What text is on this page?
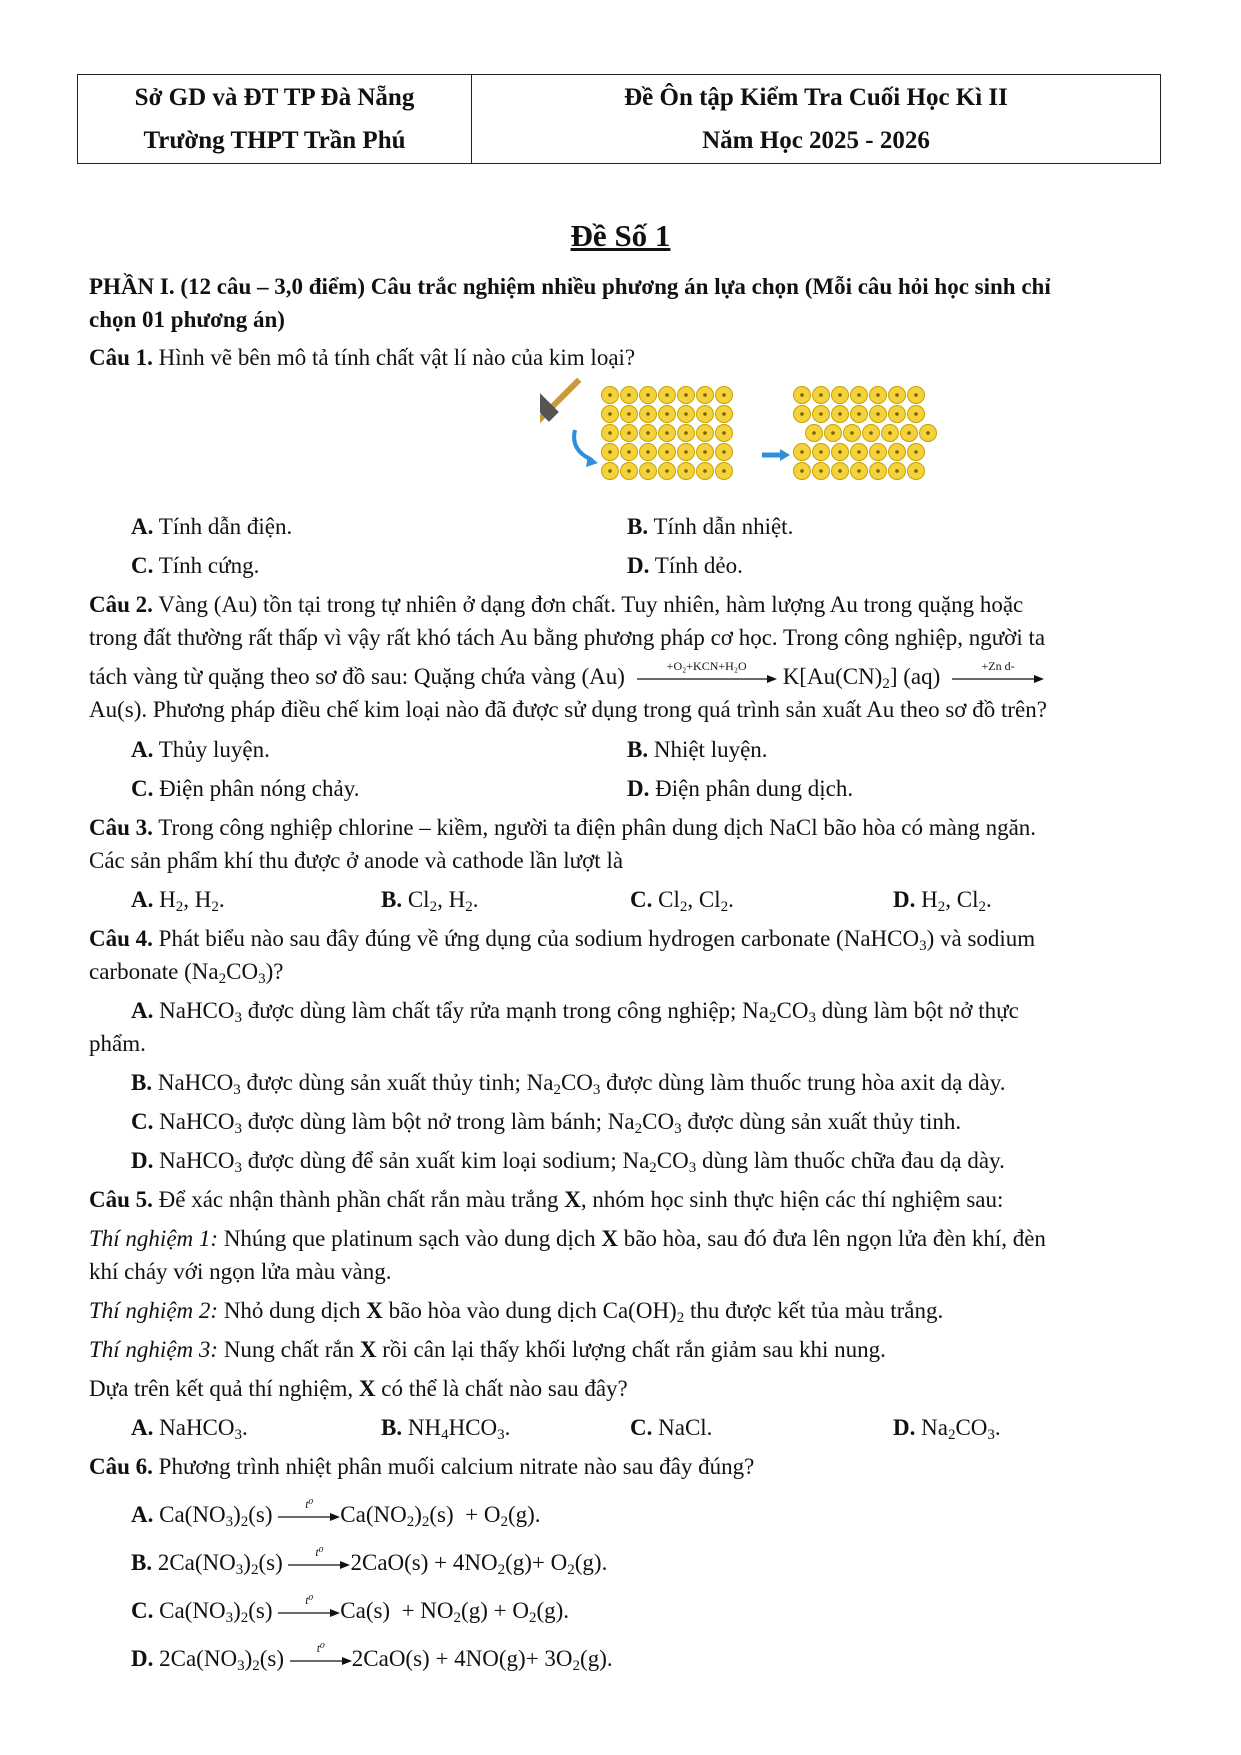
Sở GD và ĐT TP Đà Nẵng
Trường THPT Trần Phú
Đề Ôn tập Kiểm Tra Cuối Học Kì II
Năm Học 2025 - 2026
Đề Số 1
PHẦN I. (12 câu – 3,0 điểm) Câu trắc nghiệm nhiều phương án lựa chọn (Mỗi câu hỏi học sinh chỉ
chọn 01 phương án)
Câu 1. Hình vẽ bên mô tả tính chất vật lí nào của kim loại?
A. Tính dẫn điện.	B. Tính dẫn nhiệt.
C. Tính cứng.	D. Tính dẻo.
Câu 2. Vàng (Au) tồn tại trong tự nhiên ở dạng đơn chất. Tuy nhiên, hàm lượng Au trong quặng hoặc
trong đất thường rất thấp vì vậy rất khó tách Au bằng phương pháp cơ học. Trong công nghiệp, người ta
tách vàng từ quặng theo sơ đồ sau: Quặng chứa vàng (Au)	+O₂+KCN+H₂O	$K[Au(CN)_2]$ (aq)	+Zn d-
Au(s). Phương pháp điều chế kim loại nào đã được sử dụng trong quá trình sản xuất Au theo sơ đồ trên?
A. Thủy luyện.	B. Nhiệt luyện.
C. Điện phân nóng chảy.	D. Điện phân dung dịch.
Câu 3. Trong công nghiệp chlorine – kiềm, người ta điện phân dung dịch NaCl bão hòa có màng ngăn.
Các sản phẩm khí thu được ở anode và cathode lần lượt là
A. $H_2$, $H_2$.	B. $Cl_2$, $H_2$.	C. $Cl_2$, $Cl_2$.	D. $H_2$, $Cl_2$.
Câu 4. Phát biểu nào sau đây đúng về ứng dụng của sodium hydrogen carbonate (NaHCO$_3$) và sodium
carbonate $(Na_2CO_3)$?
A. NaHCO$_3$ được dùng làm chất tẩy rửa mạnh trong công nghiệp; $Na_2CO_3$ dùng làm bột nở thực
phẩm.
B. NaHCO$_3$ được dùng sản xuất thủy tinh; $Na_2CO_3$ được dùng làm thuốc trung hòa axit dạ dày.
C. NaHCO$_3$ được dùng làm bột nở trong làm bánh; $Na_2CO_3$ được dùng sản xuất thủy tinh.
D. NaHCO$_3$ được dùng để sản xuất kim loại sodium; $Na_2CO_3$ dùng làm thuốc chữa đau dạ dày.
Câu 5. Để xác nhận thành phần chất rắn màu trắng X, nhóm học sinh thực hiện các thí nghiệm sau:
Thí nghiệm 1: Nhúng que platinum sạch vào dung dịch X bão hòa, sau đó đưa lên ngọn lửa đèn khí, đèn
khí cháy với ngọn lửa màu vàng.
Thí nghiệm 2: Nhỏ dung dịch X bão hòa vào dung dịch $Ca(OH)_2$ thu được kết tủa màu trắng.
Thí nghiệm 3: Nung chất rắn X rồi cân lại thấy khối lượng chất rắn giảm sau khi nung.
Dựa trên kết quả thí nghiệm, X có thể là chất nào sau đây?
A. NaHCO$_3$.	B. $NH_4HCO_3$.	C. NaCl.	D. $Na_2CO_3$.
Câu 6. Phương trình nhiệt phân muối calcium nitrate nào sau đây đúng?
A. $Ca(NO_3)_2(s)$	t⁰	$Ca(NO_2)_2(s) + O_2(g)$.
B. $2Ca(NO_3)_2(s)$	t⁰	$2CaO(s) + 4NO_2(g)+ O_2(g)$.
C. $Ca(NO_3)_2(s)$	t⁰	$Ca(s) + NO_2(g) + O_2(g)$.
D. $2Ca(NO_3)_2(s)$	t⁰	$2CaO(s) + 4NO(g)+ 3O_2(g)$.
